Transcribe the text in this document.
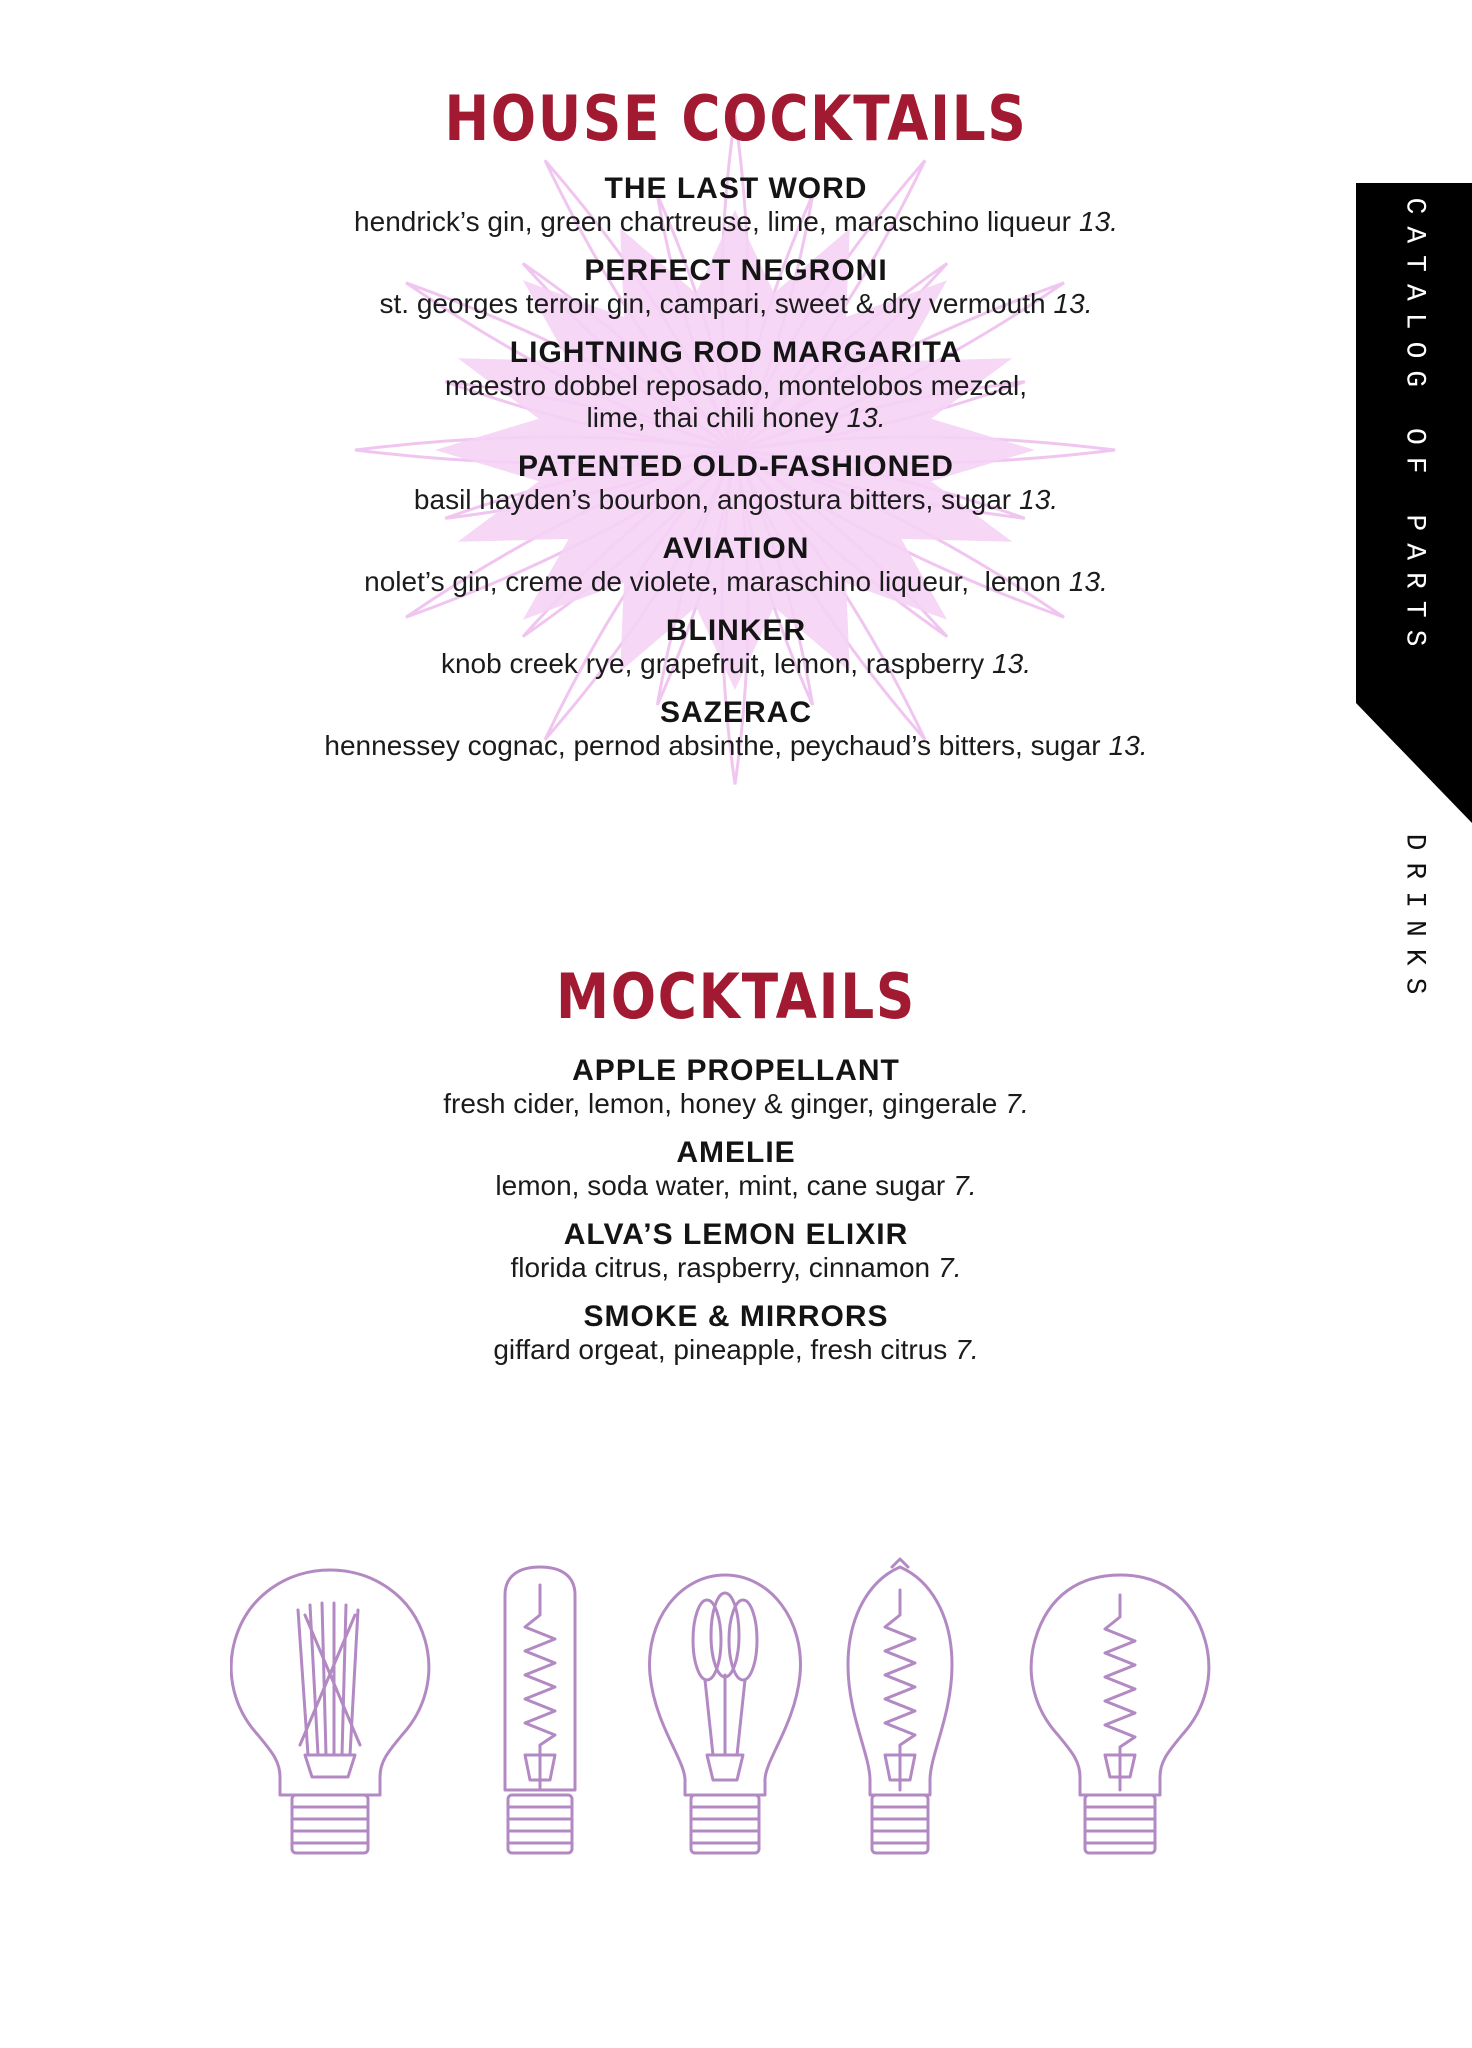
HOUSE COCKTAILS
THE LAST WORD
hendrick’s gin, green chartreuse, lime, maraschino liqueur 13.
PERFECT NEGRONI
st. georges terroir gin, campari, sweet & dry vermouth 13.
LIGHTNING ROD MARGARITA
maestro dobbel reposado, montelobos mezcal,
lime, thai chili honey 13.
PATENTED OLD-FASHIONED
basil hayden’s bourbon, angostura bitters, sugar 13.
AVIATION
nolet’s gin, creme de violete, maraschino liqueur,  lemon 13.
BLINKER
knob creek rye, grapefruit, lemon, raspberry 13.
SAZERAC
hennessey cognac, pernod absinthe, peychaud’s bitters, sugar 13.
MOCKTAILS
APPLE PROPELLANT
fresh cider, lemon, honey & ginger, gingerale 7.
AMELIE
lemon, soda water, mint, cane sugar 7.
ALVA’S LEMON ELIXIR
florida citrus, raspberry, cinnamon 7.
SMOKE & MIRRORS
giffard orgeat, pineapple, fresh citrus 7.
CATALOG OF PARTS
DRINKS
